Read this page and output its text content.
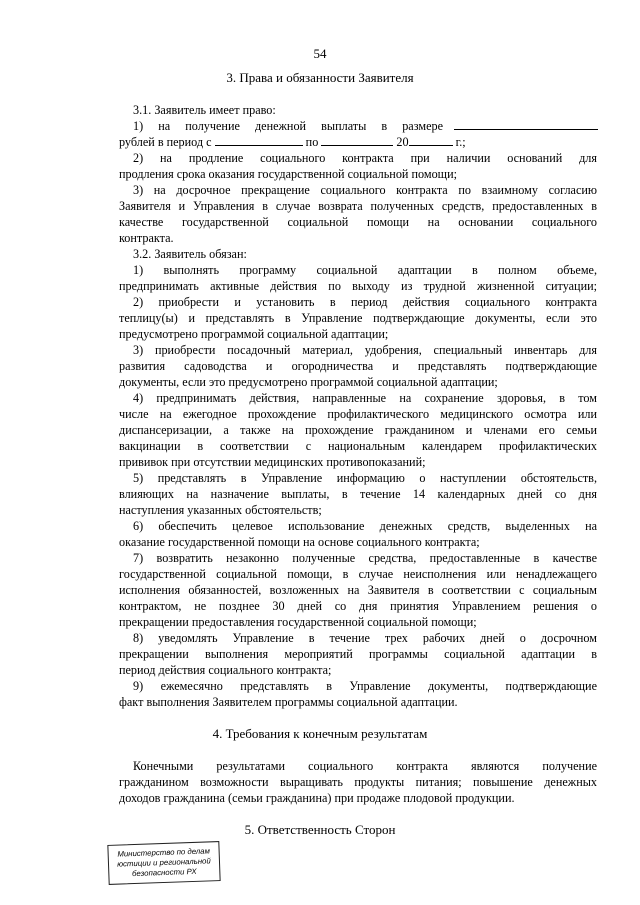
54
3. Права и обязанности Заявителя
3.1. Заявитель имеет право:
1) на получение денежной выплаты в размере
рублей в период с	по	20	г.;
2) на продление социального контракта при наличии оснований для
продления срока оказания государственной социальной помощи;
3) на досрочное прекращение социального контракта по взаимному согласию
Заявителя и Управления в случае возврата полученных средств, предоставленных в
качестве государственной социальной помощи на основании социального
контракта.
3.2. Заявитель обязан:
1) выполнять программу социальной адаптации в полном объеме,
предпринимать активные действия по выходу из трудной жизненной ситуации;
2) приобрести и установить в период действия социального контракта
теплицу(ы) и представлять в Управление подтверждающие документы, если это
предусмотрено программой социальной адаптации;
3) приобрести посадочный материал, удобрения, специальный инвентарь для
развития садоводства и огородничества и представлять подтверждающие
документы, если это предусмотрено программой социальной адаптации;
4) предпринимать действия, направленные на сохранение здоровья, в том
числе на ежегодное прохождение профилактического медицинского осмотра или
диспансеризации, а также на прохождение гражданином и членами его семьи
вакцинации в соответствии с национальным календарем профилактических
прививок при отсутствии медицинских противопоказаний;
5) представлять в Управление информацию о наступлении обстоятельств,
влияющих на назначение выплаты, в течение 14 календарных дней со дня
наступления указанных обстоятельств;
6) обеспечить целевое использование денежных средств, выделенных на
оказание государственной помощи на основе социального контракта;
7) возвратить незаконно полученные средства, предоставленные в качестве
государственной социальной помощи, в случае неисполнения или ненадлежащего
исполнения обязанностей, возложенных на Заявителя в соответствии с социальным
контрактом, не позднее 30 дней со дня принятия Управлением решения о
прекращении предоставления государственной социальной помощи;
8) уведомлять Управление в течение трех рабочих дней о досрочном
прекращении выполнения мероприятий программы социальной адаптации в
период действия социального контракта;
9) ежемесячно представлять в Управление документы, подтверждающие
факт выполнения Заявителем программы социальной адаптации.
4. Требования к конечным результатам
Конечными результатами социального контракта являются получение
гражданином возможности выращивать продукты питания; повышение денежных
доходов гражданина (семьи гражданина) при продаже плодовой продукции.
5. Ответственность Сторон
Министерство по делам
юстиции и региональной
безопасности РХ
